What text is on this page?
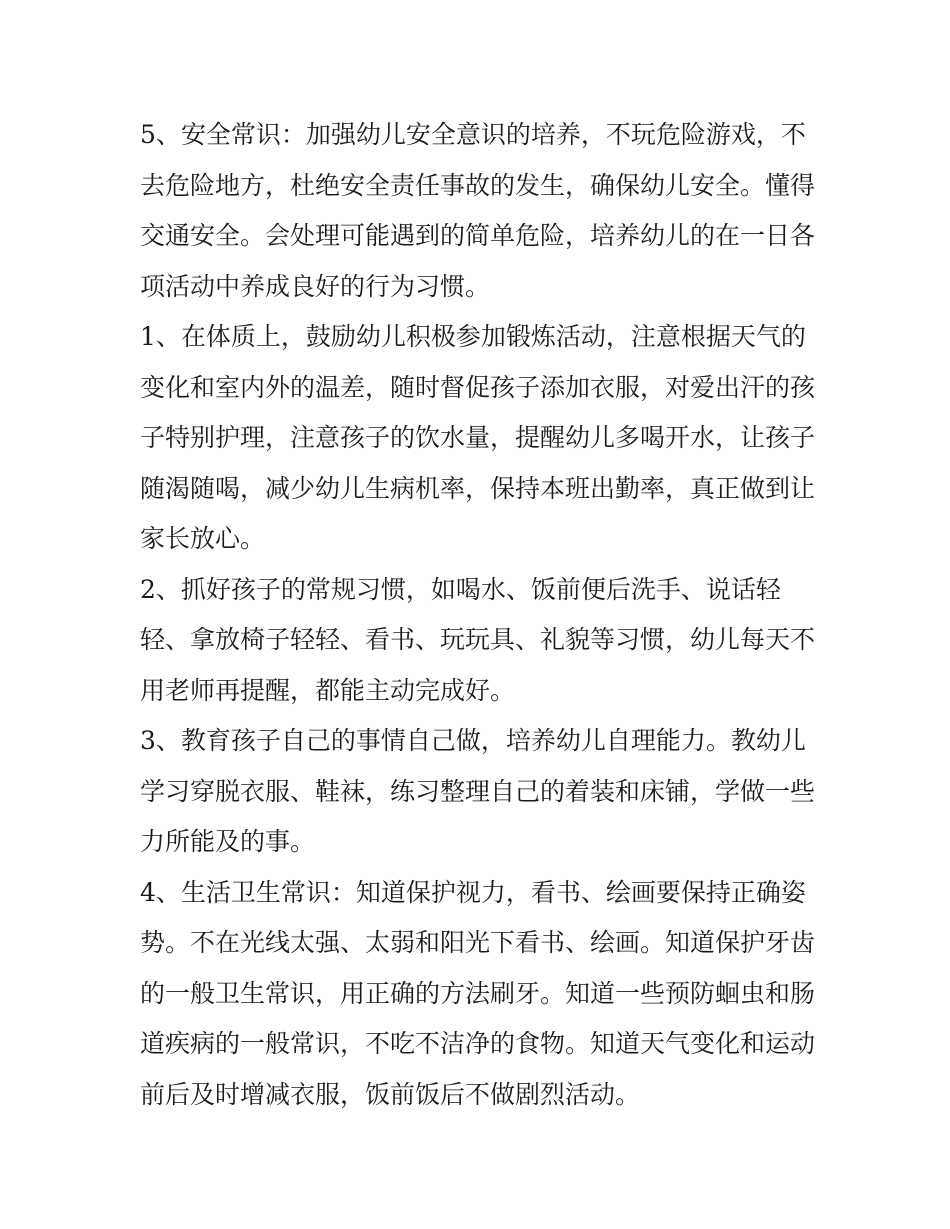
5、安全常识：加强幼儿安全意识的培养，不玩危险游戏，不
去危险地方，杜绝安全责任事故的发生，确保幼儿安全。懂得
交通安全。会处理可能遇到的简单危险，培养幼儿的在一日各
项活动中养成良好的行为习惯。

1、在体质上，鼓励幼儿积极参加锻炼活动，注意根据天气的
变化和室内外的温差，随时督促孩子添加衣服，对爱出汗的孩
子特别护理，注意孩子的饮水量，提醒幼儿多喝开水，让孩子
随渴随喝，减少幼儿生病机率，保持本班出勤率，真正做到让
家长放心。

2、抓好孩子的常规习惯，如喝水、饭前便后洗手、说话轻
轻、拿放椅子轻轻、看书、玩玩具、礼貌等习惯，幼儿每天不
用老师再提醒，都能主动完成好。

3、教育孩子自己的事情自己做，培养幼儿自理能力。教幼儿
学习穿脱衣服、鞋袜，练习整理自己的着装和床铺，学做一些
力所能及的事。

4、生活卫生常识：知道保护视力，看书、绘画要保持正确姿
势。不在光线太强、太弱和阳光下看书、绘画。知道保护牙齿
的一般卫生常识，用正确的方法刷牙。知道一些预防蛔虫和肠
道疾病的一般常识，不吃不洁净的食物。知道天气变化和运动
前后及时增减衣服，饭前饭后不做剧烈活动。
